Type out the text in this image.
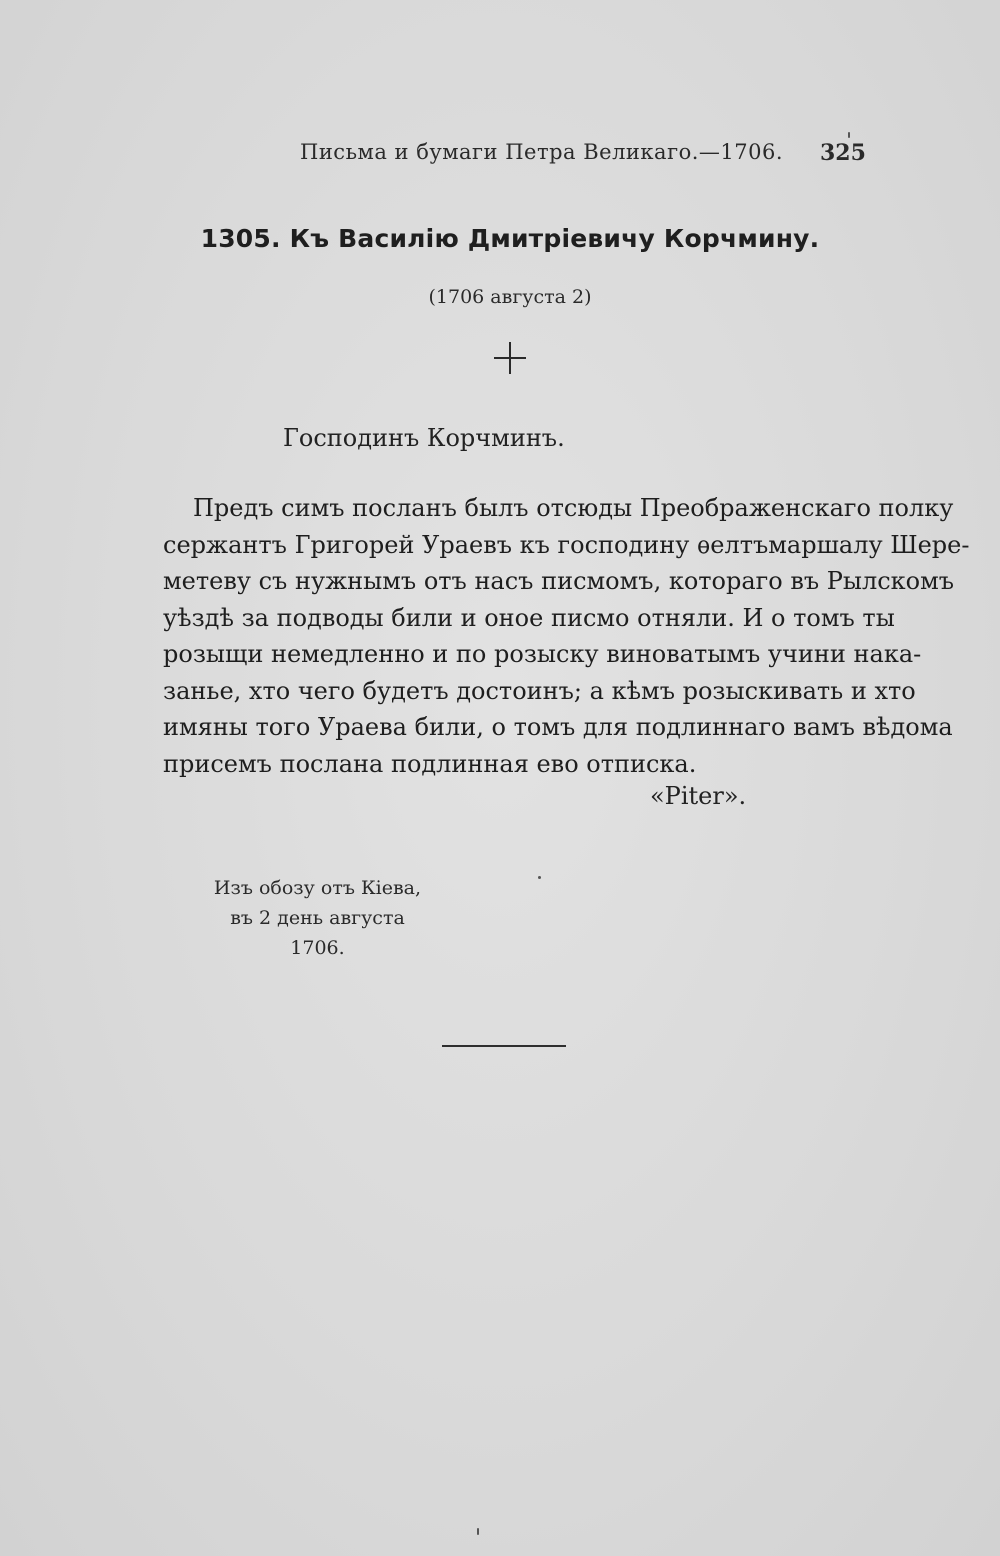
Письма и бумаги Петра Великаго.—1706. 325
1305. Къ Василію Дмитріевичу Корчмину.
(1706 августа 2)
Господинъ Корчминъ.
Предъ симъ посланъ былъ отсюды Преображенскаго полку
сержантъ Григорей Ураевъ къ господину ѳелтъмаршалу Шере-
метеву съ нужнымъ отъ насъ писмомъ, котораго въ Рылскомъ
уѣздѣ за подводы били и оное писмо отняли. И о томъ ты
розыщи немедленно и по розыску виноватымъ учини нака-
занье, хто чего будетъ достоинъ; а кѣмъ розыскивать и хто
имяны того Ураева били, о томъ для подлиннаго вамъ вѣдома
присемъ послана подлинная ево отписка.
«Piter».
Изъ обозу отъ Кіева,
въ 2 день августа 1706.
